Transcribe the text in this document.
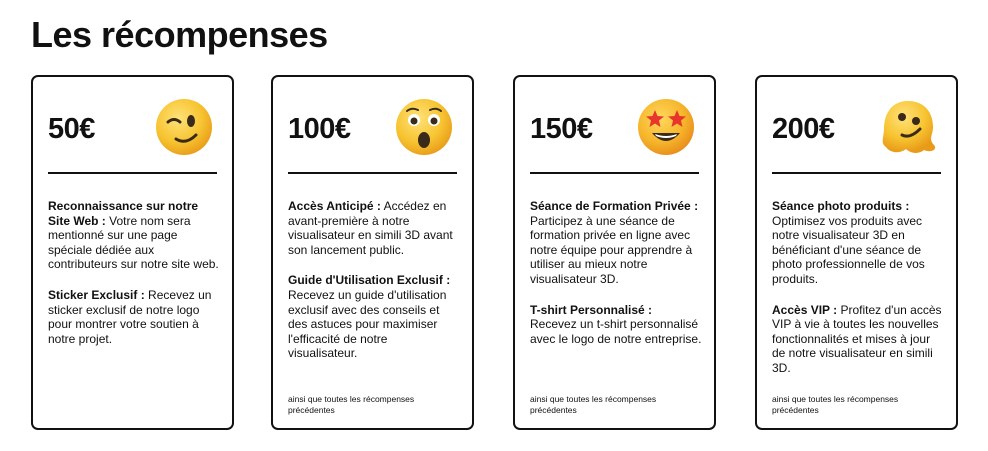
Les récompenses
50€

Reconnaissance sur notre Site Web : Votre nom sera mentionné sur une page spéciale dédiée aux contributeurs sur notre site web.

Sticker Exclusif : Recevez un sticker exclusif de notre logo pour montrer votre soutien à notre projet.

100€

Accès Anticipé : Accédez en avant-première à notre visualisateur en simili 3D avant son lancement public.

Guide d'Utilisation Exclusif : Recevez un guide d'utilisation exclusif avec des conseils et des astuces pour maximiser l'efficacité de notre visualisateur.

ainsi que toutes les récompenses précédentes
150€

Séance de Formation Privée : Participez à une séance de formation privée en ligne avec notre équipe pour apprendre à utiliser au mieux notre visualisateur 3D.

T-shirt Personnalisé : Recevez un t-shirt personnalisé avec le logo de notre entreprise.

ainsi que toutes les récompenses précédentes
200€

Séance photo produits : Optimisez vos produits avec notre visualisateur 3D en bénéficiant d'une séance de photo professionnelle de vos produits.

Accès VIP : Profitez d'un accès VIP à vie à toutes les nouvelles fonctionnalités et mises à jour de notre visualisateur en simili 3D.

ainsi que toutes les récompenses précédentes
